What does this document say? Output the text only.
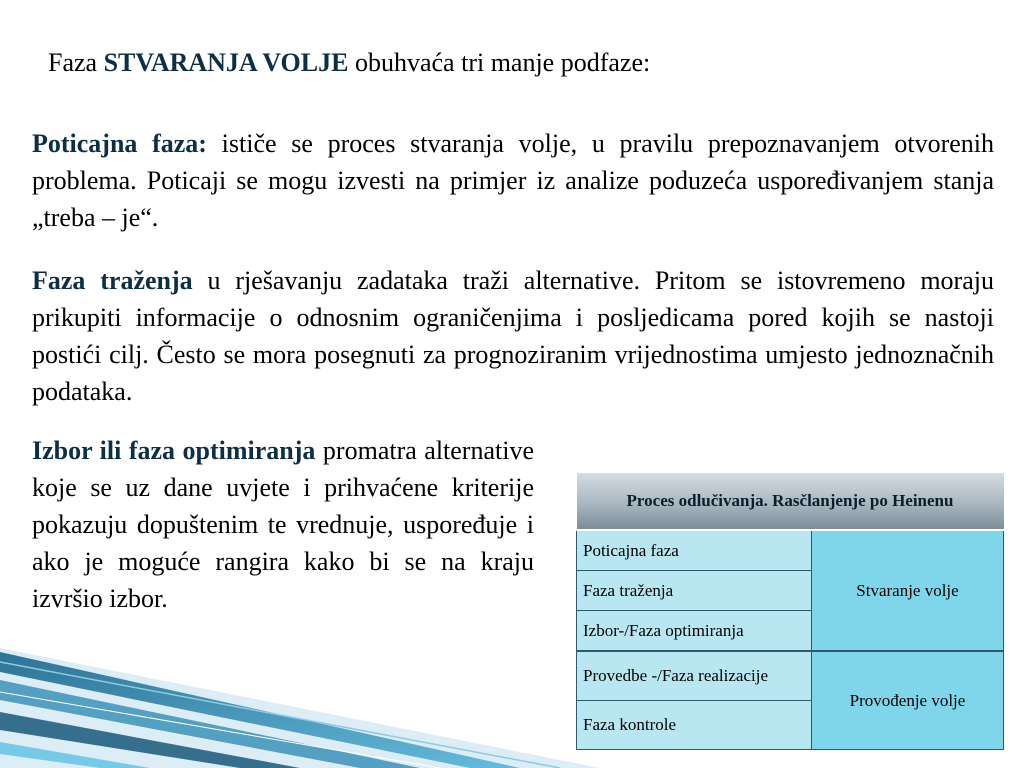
Faza STVARANJA VOLJE obuhvaća tri manje podfaze:
Poticajna faza: ističe se proces stvaranja volje, u pravilu prepoznavanjem otvorenih problema. Poticaji se mogu izvesti na primjer iz analize poduzeća uspoređivanjem stanja „treba – je“.
Faza traženja u rješavanju zadataka traži alternative. Pritom se istovremeno moraju prikupiti informacije o odnosnim ograničenjima i posljedicama pored kojih se nastoji postići cilj. Često se mora posegnuti za prognoziranim vrijednostima umjesto jednoznačnih podataka.
Izbor ili faza optimiranja promatra alternative koje se uz dane uvjete i prihvaćene kriterije pokazuju dopuštenim te vrednuje, uspoređuje i ako je moguće rangira kako bi se na kraju izvršio izbor.
Proces odlučivanja. Rasčlanjenje po Heinenu	
Poticajna faza	Stvaranje volje
Faza traženja	
Izbor-/Faza optimiranja	
Provedbe -/Faza realizacije	Provođenje volje
Faza kontrole	
